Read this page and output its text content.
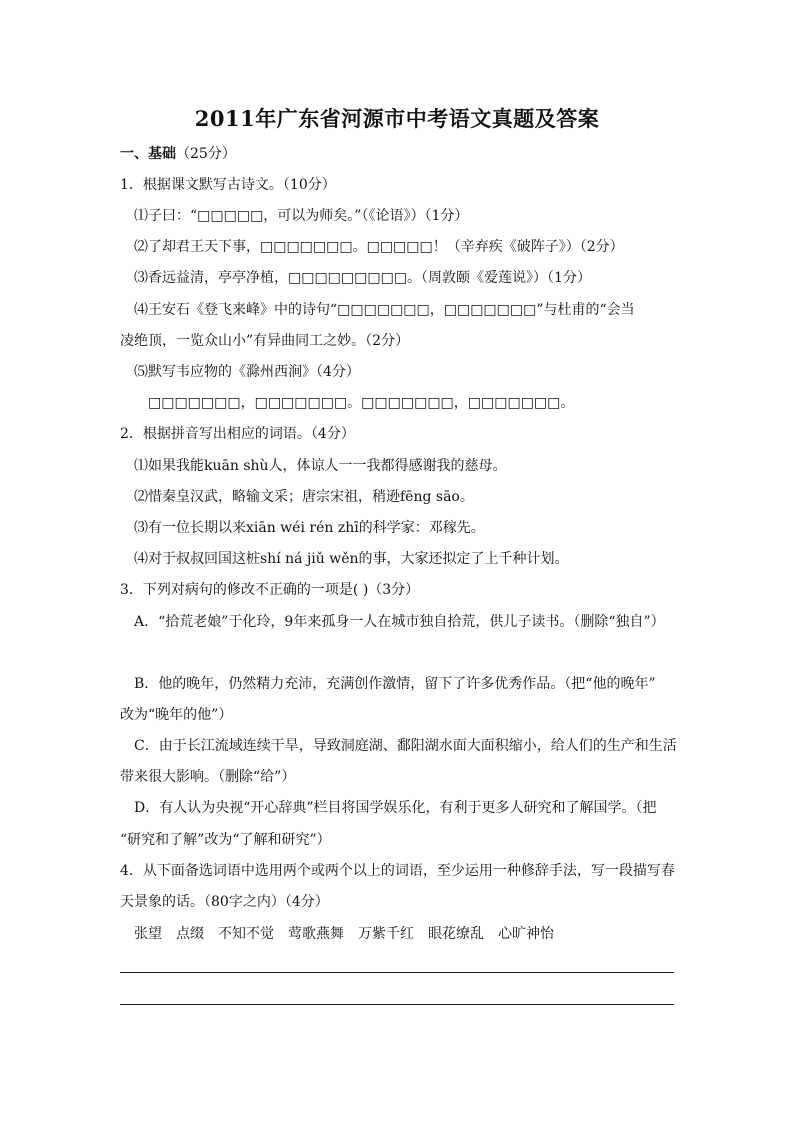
2011年广东省河源市中考语文真题及答案
一、基础（25分）
1．根据课文默写古诗文。（10分）
⑴子曰：“□□□□□，可以为师矣。”（《论语》）（1分）
⑵了却君王天下事，□□□□□□□。□□□□□！（辛弃疾《破阵子》）（2分）
⑶香远益清，亭亭净植，□□□□□□□□□。（周敦颐《爱莲说》）（1分）
⑷王安石《登飞来峰》中的诗句“□□□□□□□，□□□□□□□”与杜甫的“会当
凌绝顶，一览众山小”有异曲同工之妙。（2分）
⑸默写韦应物的《滁州西涧》（4分）
□□□□□□□，□□□□□□□。□□□□□□□，□□□□□□□。
2．根据拼音写出相应的词语。（4分）
⑴如果我能kuān shù人，体谅人一一我都得感谢我的慈母。
⑵惜秦皇汉武，略输文采；唐宗宋祖，稍逊fēng sāo。
⑶有一位长期以来xiān wéi rén zhī的科学家：邓稼先。
⑷对于叔叔回国这桩shí ná jiǔ wěn的事，大家还拟定了上千种计划。
3．下列对病句的修改不正确的一项是( )（3分）
A．“拾荒老娘”于化玲，9年来孤身一人在城市独自拾荒，供儿子读书。（删除“独自”）
B．他的晚年，仍然精力充沛，充满创作激情，留下了许多优秀作品。（把“他的晚年”
改为“晚年的他”）
C．由于长江流域连续干旱，导致洞庭湖、鄱阳湖水面大面积缩小，给人们的生产和生活
带来很大影响。（删除“给”）
D．有人认为央视“开心辞典”栏目将国学娱乐化，有利于更多人研究和了解国学。（把
“研究和了解”改为“了解和研究”）
4．从下面备选词语中选用两个或两个以上的词语，至少运用一种修辞手法，写一段描写春
天景象的话。（80字之内）（4分）
张望　点缀　不知不觉　莺歌燕舞　万紫千红　眼花缭乱　心旷神怡
